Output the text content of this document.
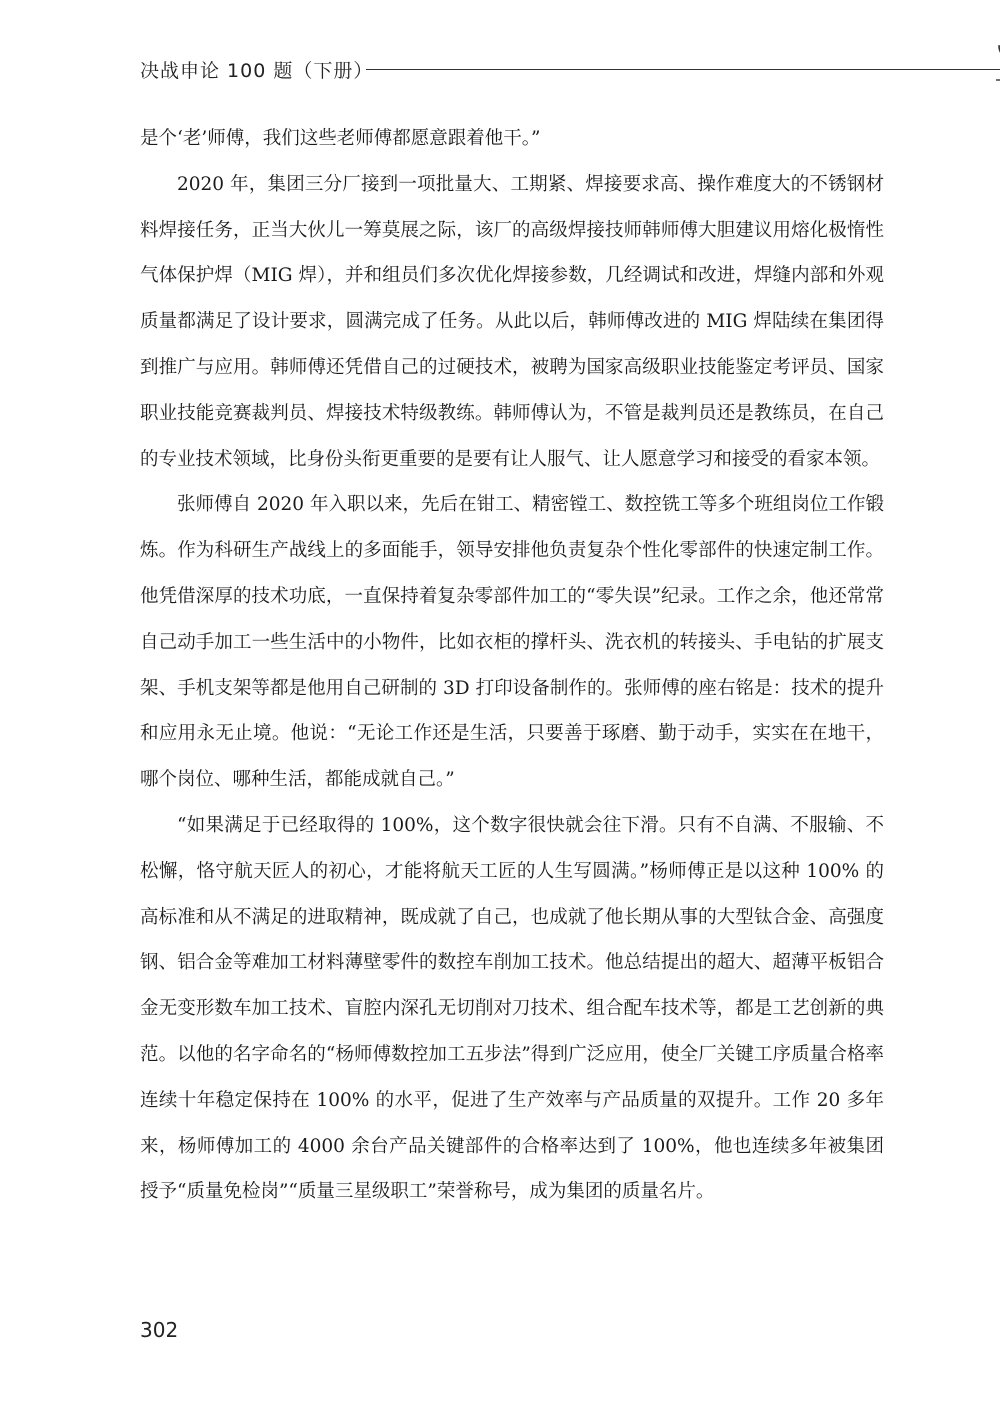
决战申论 100 题（下册）

是个‘老’师傅，我们这些老师傅都愿意跟着他干。”

2020 年，集团三分厂接到一项批量大、工期紧、焊接要求高、操作难度大的不锈钢材料焊接任务，正当大伙儿一筹莫展之际，该厂的高级焊接技师韩师傅大胆建议用熔化极惰性气体保护焊（MIG 焊），并和组员们多次优化焊接参数，几经调试和改进，焊缝内部和外观质量都满足了设计要求，圆满完成了任务。从此以后，韩师傅改进的 MIG 焊陆续在集团得到推广与应用。韩师傅还凭借自己的过硬技术，被聘为国家高级职业技能鉴定考评员、国家职业技能竞赛裁判员、焊接技术特级教练。韩师傅认为，不管是裁判员还是教练员，在自己的专业技术领域，比身份头衔更重要的是要有让人服气、让人愿意学习和接受的看家本领。

张师傅自 2020 年入职以来，先后在钳工、精密镗工、数控铣工等多个班组岗位工作锻炼。作为科研生产战线上的多面能手，领导安排他负责复杂个性化零部件的快速定制工作。他凭借深厚的技术功底，一直保持着复杂零部件加工的“零失误”纪录。工作之余，他还常常自己动手加工一些生活中的小物件，比如衣柜的撑杆头、洗衣机的转接头、手电钻的扩展支架、手机支架等都是他用自己研制的 3D 打印设备制作的。张师傅的座右铭是：技术的提升和应用永无止境。他说：“无论工作还是生活，只要善于琢磨、勤于动手，实实在在地干，哪个岗位、哪种生活，都能成就自己。”

“如果满足于已经取得的 100%，这个数字很快就会往下滑。只有不自满、不服输、不松懈，恪守航天匠人的初心，才能将航天工匠的人生写圆满。”杨师傅正是以这种 100% 的高标准和从不满足的进取精神，既成就了自己，也成就了他长期从事的大型钛合金、高强度钢、铝合金等难加工材料薄壁零件的数控车削加工技术。他总结提出的超大、超薄平板铝合金无变形数车加工技术、盲腔内深孔无切削对刀技术、组合配车技术等，都是工艺创新的典范。以他的名字命名的“杨师傅数控加工五步法”得到广泛应用，使全厂关键工序质量合格率连续十年稳定保持在 100% 的水平，促进了生产效率与产品质量的双提升。工作 20 多年来，杨师傅加工的 4000 余台产品关键部件的合格率达到了 100%，他也连续多年被集团授予“质量免检岗”“质量三星级职工”荣誉称号，成为集团的质量名片。

302
